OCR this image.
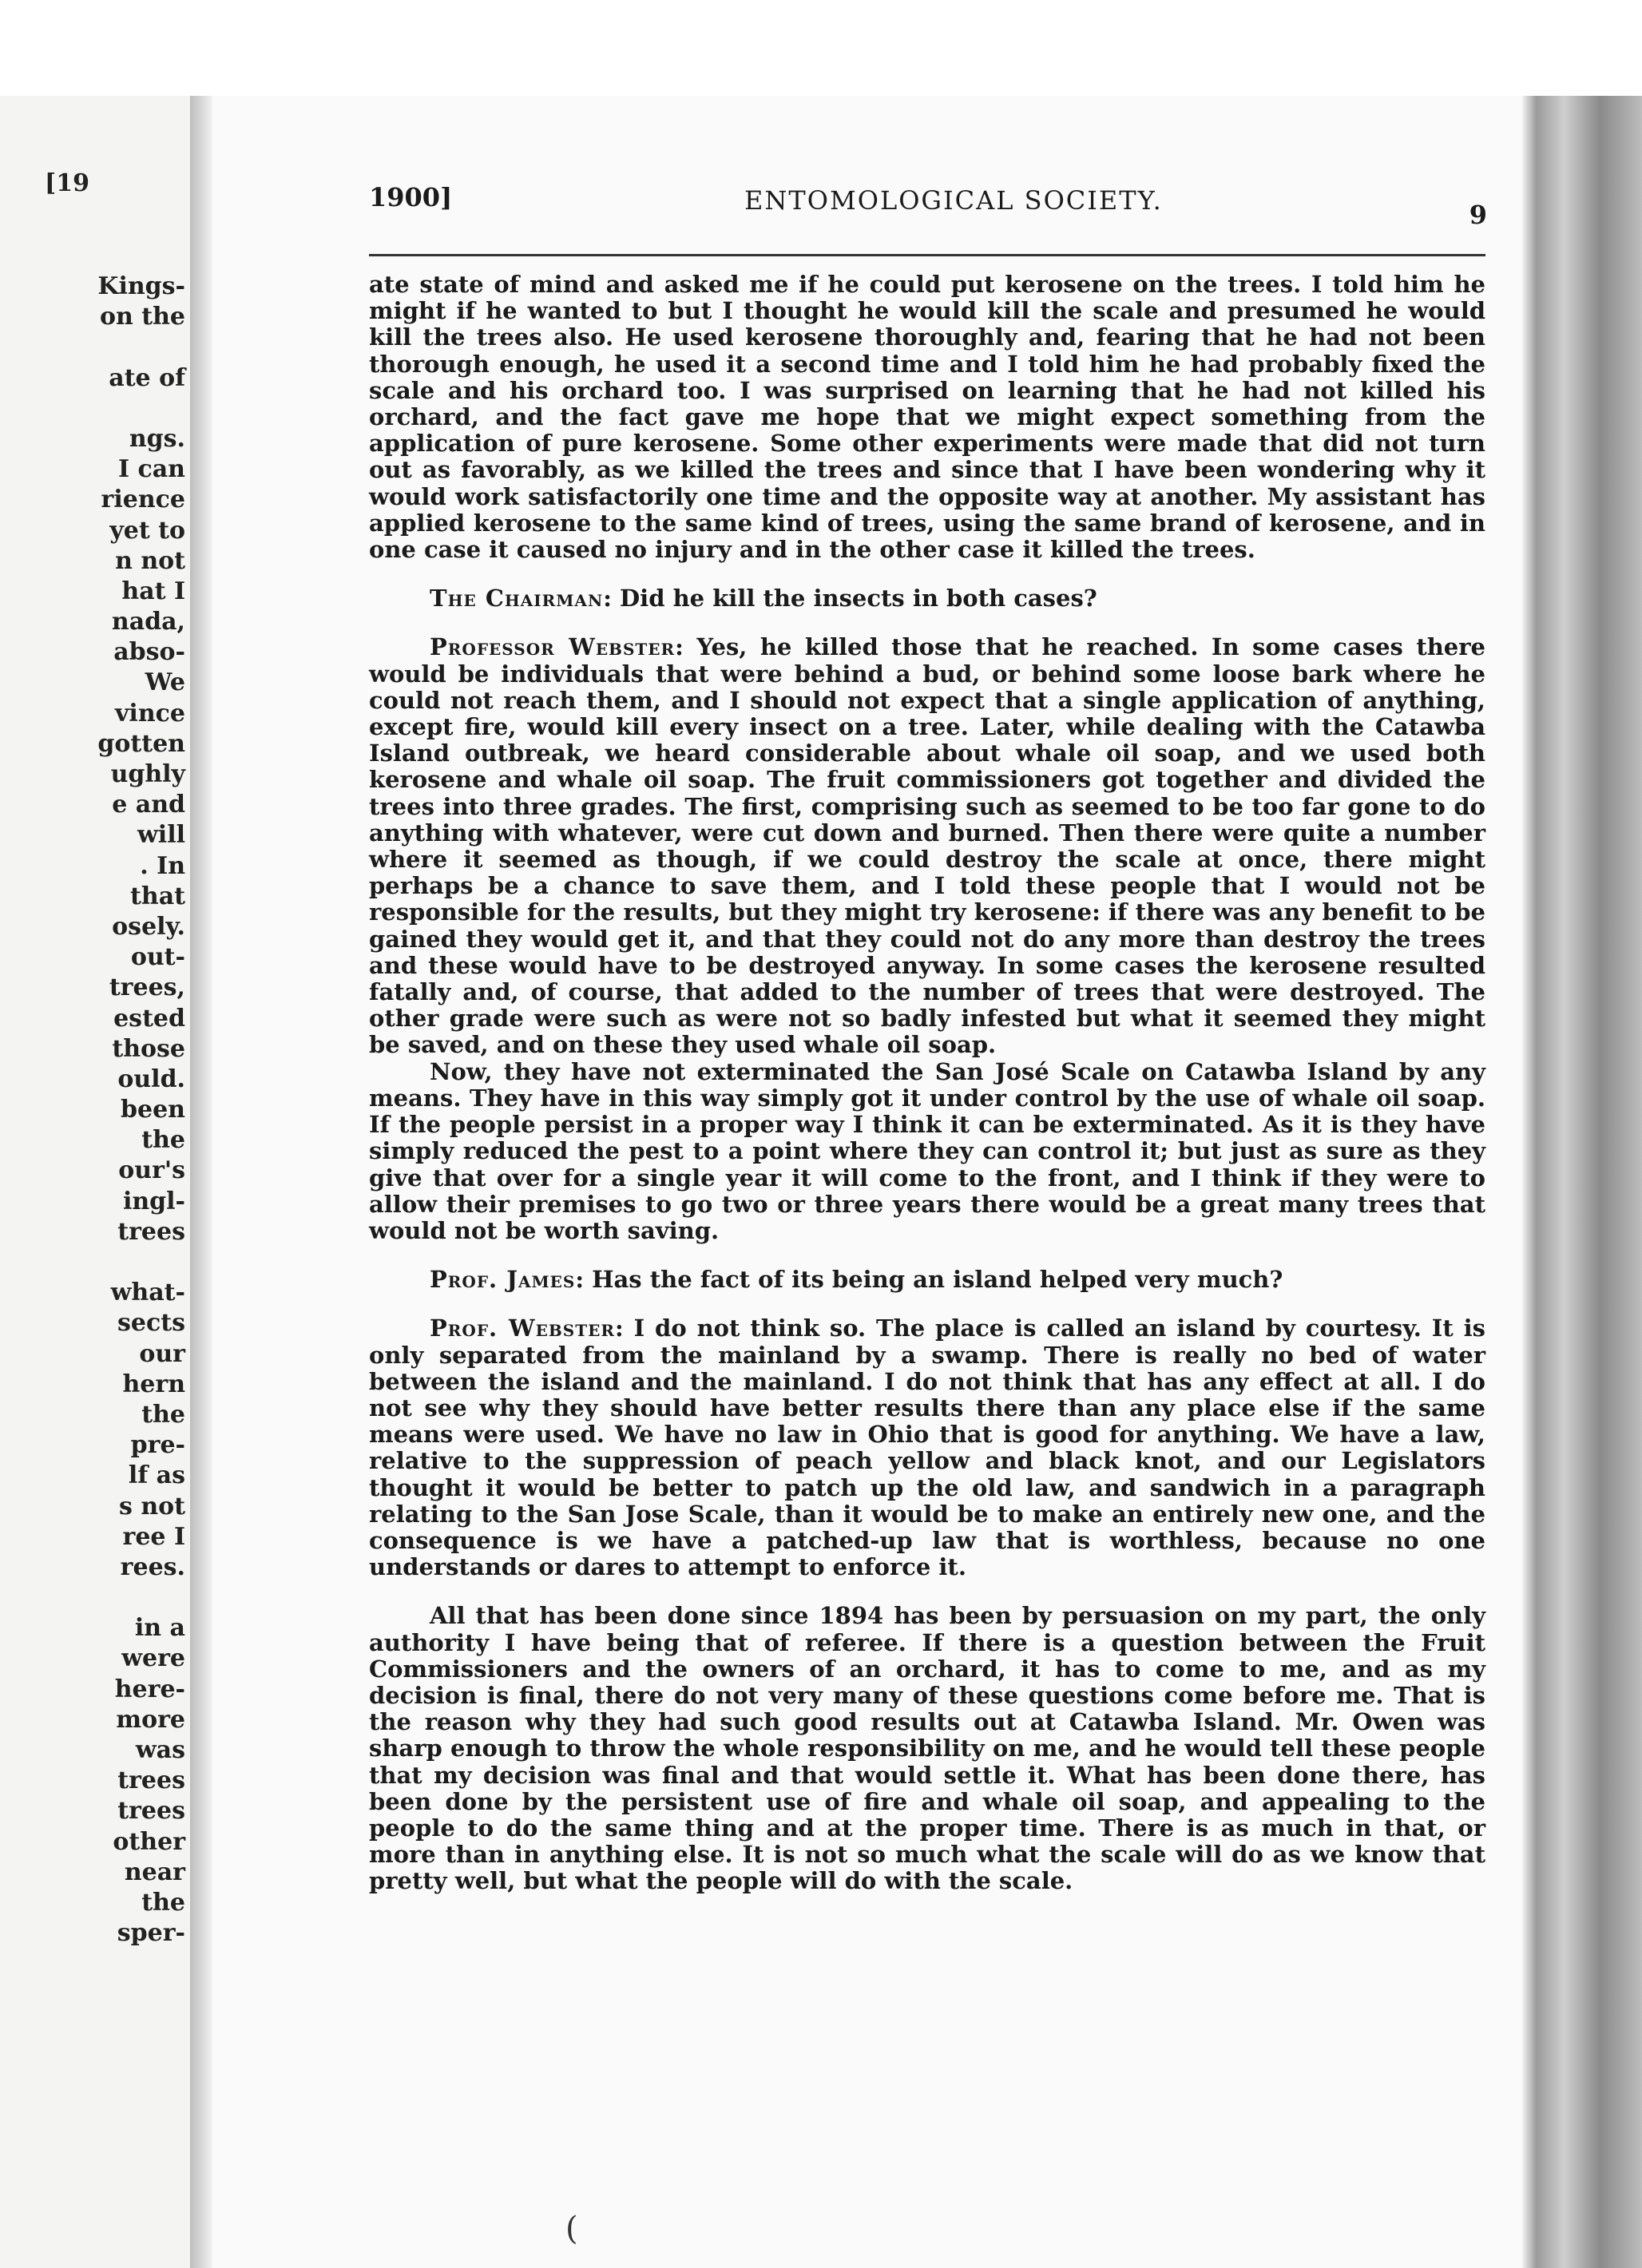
[19
Kings-
on the
ate of
ngs.
I can
rience
yet to
n not
hat I
nada,
abso-
We
vince
gotten
ughly
e and
will
. In
that
osely.
out-
trees,
ested
those
ould.
been
the
our's
ingl-
trees
what-
sects
our
hern
the
pre-
lf as
s not
ree I
rees.
in a
were
here-
more
was
trees
trees
other
near
the
sper-
1900]	ENTOMOLOGICAL SOCIETY.	9

ate state of mind and asked me if he could put kerosene on the trees. I told him he might if he wanted to but I thought he would kill the scale and presumed he would kill the trees also. He used kerosene thoroughly and, fearing that he had not been thorough enough, he used it a second time and I told him he had probably fixed the scale and his orchard too. I was surprised on learning that he had not killed his orchard, and the fact gave me hope that we might expect something from the application of pure kerosene. Some other experiments were made that did not turn out as favorably, as we killed the trees and since that I have been wondering why it would work satisfactorily one time and the opposite way at another. My assistant has applied kerosene to the same kind of trees, using the same brand of kerosene, and in one case it caused no injury and in the other case it killed the trees.

The Chairman: Did he kill the insects in both cases?

Professor Webster: Yes, he killed those that he reached. In some cases there would be individuals that were behind a bud, or behind some loose bark where he could not reach them, and I should not expect that a single application of anything, except fire, would kill every insect on a tree. Later, while dealing with the Catawba Island outbreak, we heard considerable about whale oil soap, and we used both kerosene and whale oil soap. The fruit commissioners got together and divided the trees into three grades. The first, comprising such as seemed to be too far gone to do anything with whatever, were cut down and burned. Then there were quite a number where it seemed as though, if we could destroy the scale at once, there might perhaps be a chance to save them, and I told these people that I would not be responsible for the results, but they might try kerosene: if there was any benefit to be gained they would get it, and that they could not do any more than destroy the trees and these would have to be destroyed anyway. In some cases the kerosene resulted fatally and, of course, that added to the number of trees that were destroyed. The other grade were such as were not so badly infested but what it seemed they might be saved, and on these they used whale oil soap.

Now, they have not exterminated the San José Scale on Catawba Island by any means. They have in this way simply got it under control by the use of whale oil soap. If the people persist in a proper way I think it can be exterminated. As it is they have simply reduced the pest to a point where they can control it; but just as sure as they give that over for a single year it will come to the front, and I think if they were to allow their premises to go two or three years there would be a great many trees that would not be worth saving.

Prof. James: Has the fact of its being an island helped very much?

Prof. Webster: I do not think so. The place is called an island by courtesy. It is only separated from the mainland by a swamp. There is really no bed of water between the island and the mainland. I do not think that has any effect at all. I do not see why they should have better results there than any place else if the same means were used. We have no law in Ohio that is good for anything. We have a law, relative to the suppression of peach yellow and black knot, and our Legislators thought it would be better to patch up the old law, and sandwich in a paragraph relating to the San Jose Scale, than it would be to make an entirely new one, and the consequence is we have a patched-up law that is worthless, because no one understands or dares to attempt to enforce it.

All that has been done since 1894 has been by persuasion on my part, the only authority I have being that of referee. If there is a question between the Fruit Commissioners and the owners of an orchard, it has to come to me, and as my decision is final, there do not very many of these questions come before me. That is the reason why they had such good results out at Catawba Island. Mr. Owen was sharp enough to throw the whole responsibility on me, and he would tell these people that my decision was final and that would settle it. What has been done there, has been done by the persistent use of fire and whale oil soap, and appealing to the people to do the same thing and at the proper time. There is as much in that, or more than in anything else. It is not so much what the scale will do as we know that pretty well, but what the people will do with the scale.

(
